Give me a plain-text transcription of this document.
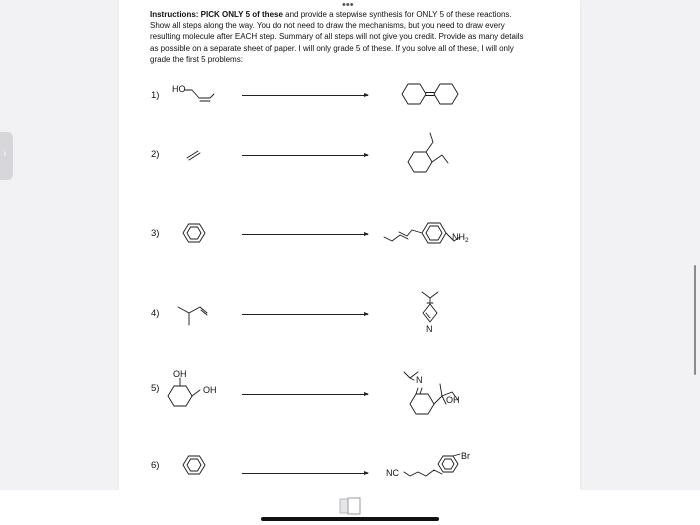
•••
Instructions: PICK ONLY 5 of these and provide a stepwise synthesis for ONLY 5 of these reactions. Show all steps along the way. You do not need to draw the mechanisms, but you need to draw every resulting molecule after EACH step. Summary of all steps will not give you credit. Provide as many details as possible on a separate sheet of paper. I will only grade 5 of these. If you solve all of these, I will only grade the first 5 problems:
1)
2)
3)
4)
5)
6)
HO
$NH_2$
N
OH
OH
N
OH
NC
Br
›
